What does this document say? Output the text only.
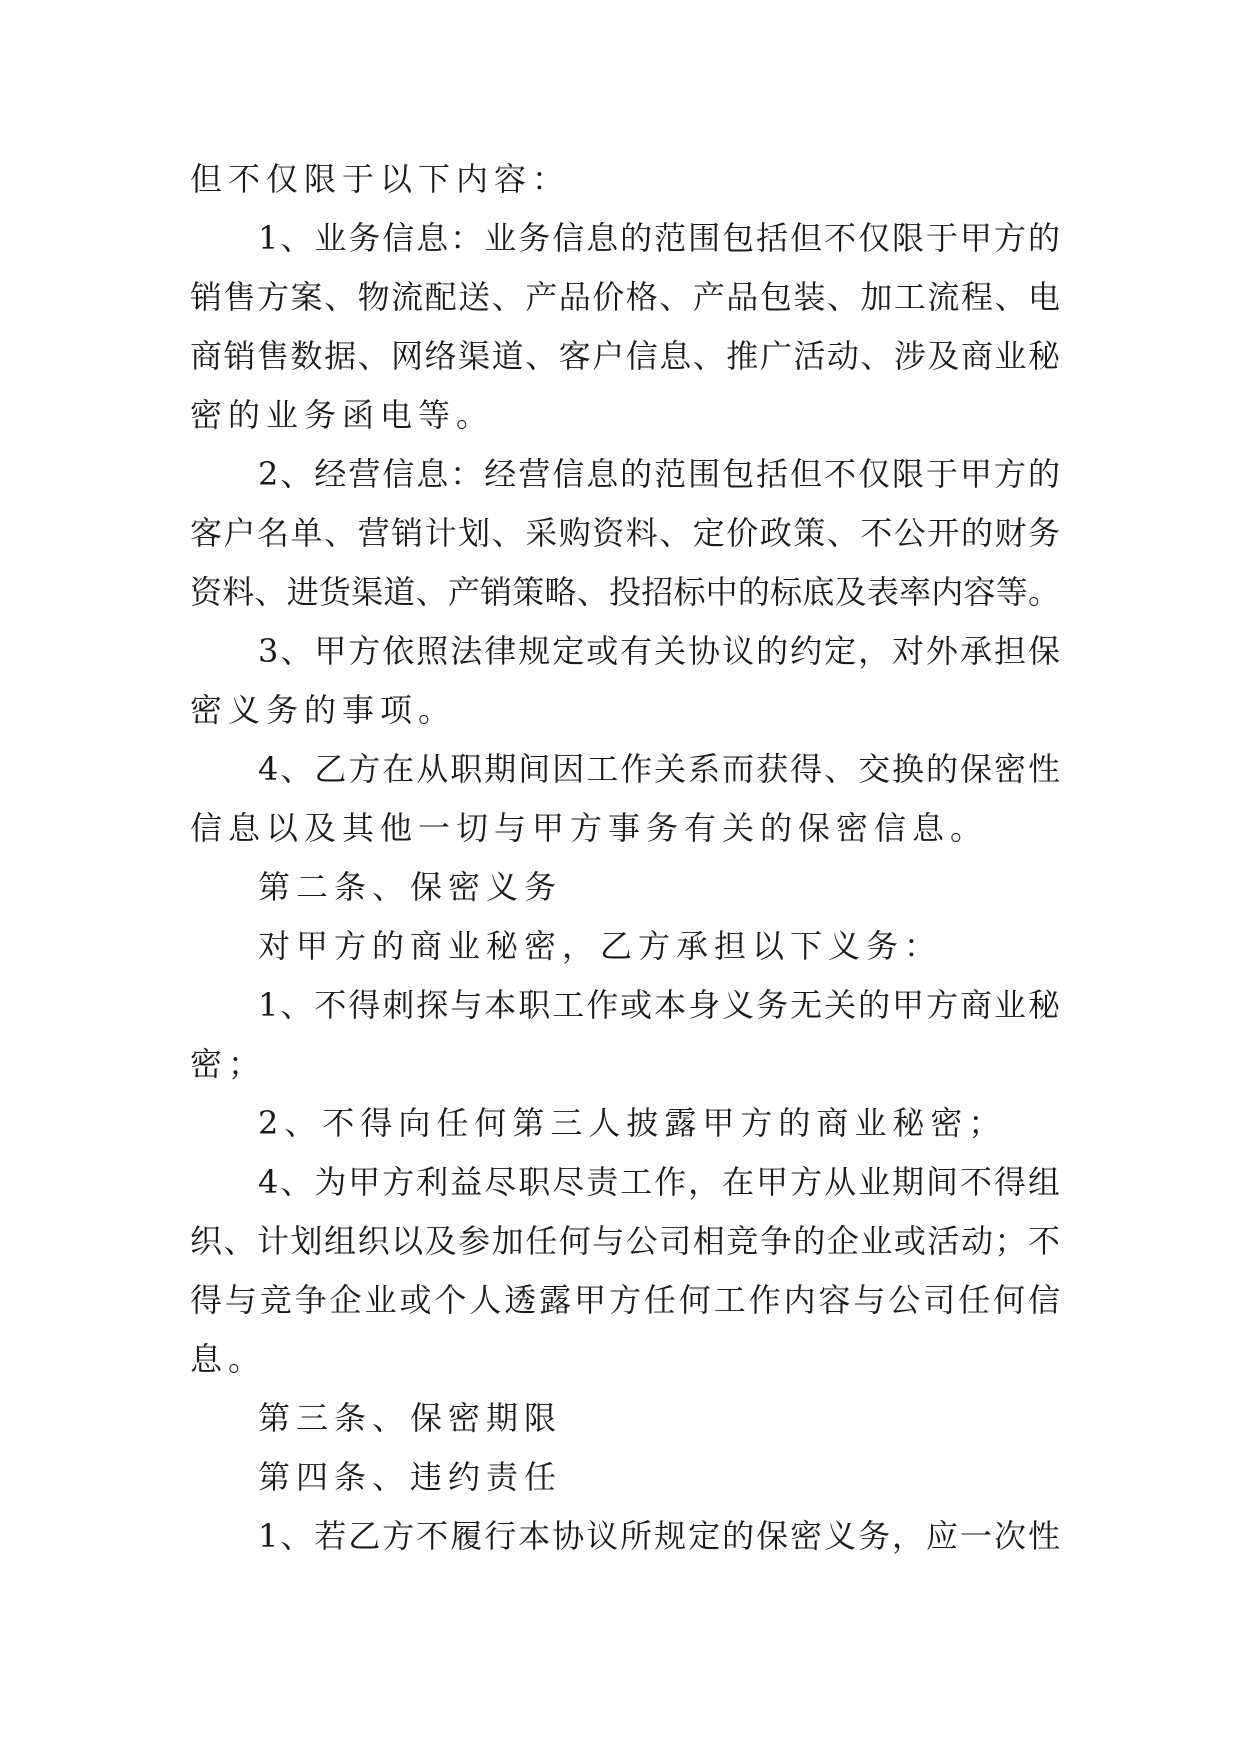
但不仅限于以下内容：
1、业务信息：业务信息的范围包括但不仅限于甲方的
销售方案、物流配送、产品价格、产品包装、加工流程、电
商销售数据、网络渠道、客户信息、推广活动、涉及商业秘
密的业务函电等。
2、经营信息：经营信息的范围包括但不仅限于甲方的
客户名单、营销计划、采购资料、定价政策、不公开的财务
资料、进货渠道、产销策略、投招标中的标底及表率内容等。
3、甲方依照法律规定或有关协议的约定，对外承担保
密义务的事项。
4、乙方在从职期间因工作关系而获得、交换的保密性
信息以及其他一切与甲方事务有关的保密信息。
第二条、保密义务
对甲方的商业秘密，乙方承担以下义务：
1、不得刺探与本职工作或本身义务无关的甲方商业秘
密；
2、不得向任何第三人披露甲方的商业秘密；
4、为甲方利益尽职尽责工作，在甲方从业期间不得组
织、计划组织以及参加任何与公司相竞争的企业或活动；不
得与竞争企业或个人透露甲方任何工作内容与公司任何信
息。
第三条、保密期限
第四条、违约责任
1、若乙方不履行本协议所规定的保密义务，应一次性
